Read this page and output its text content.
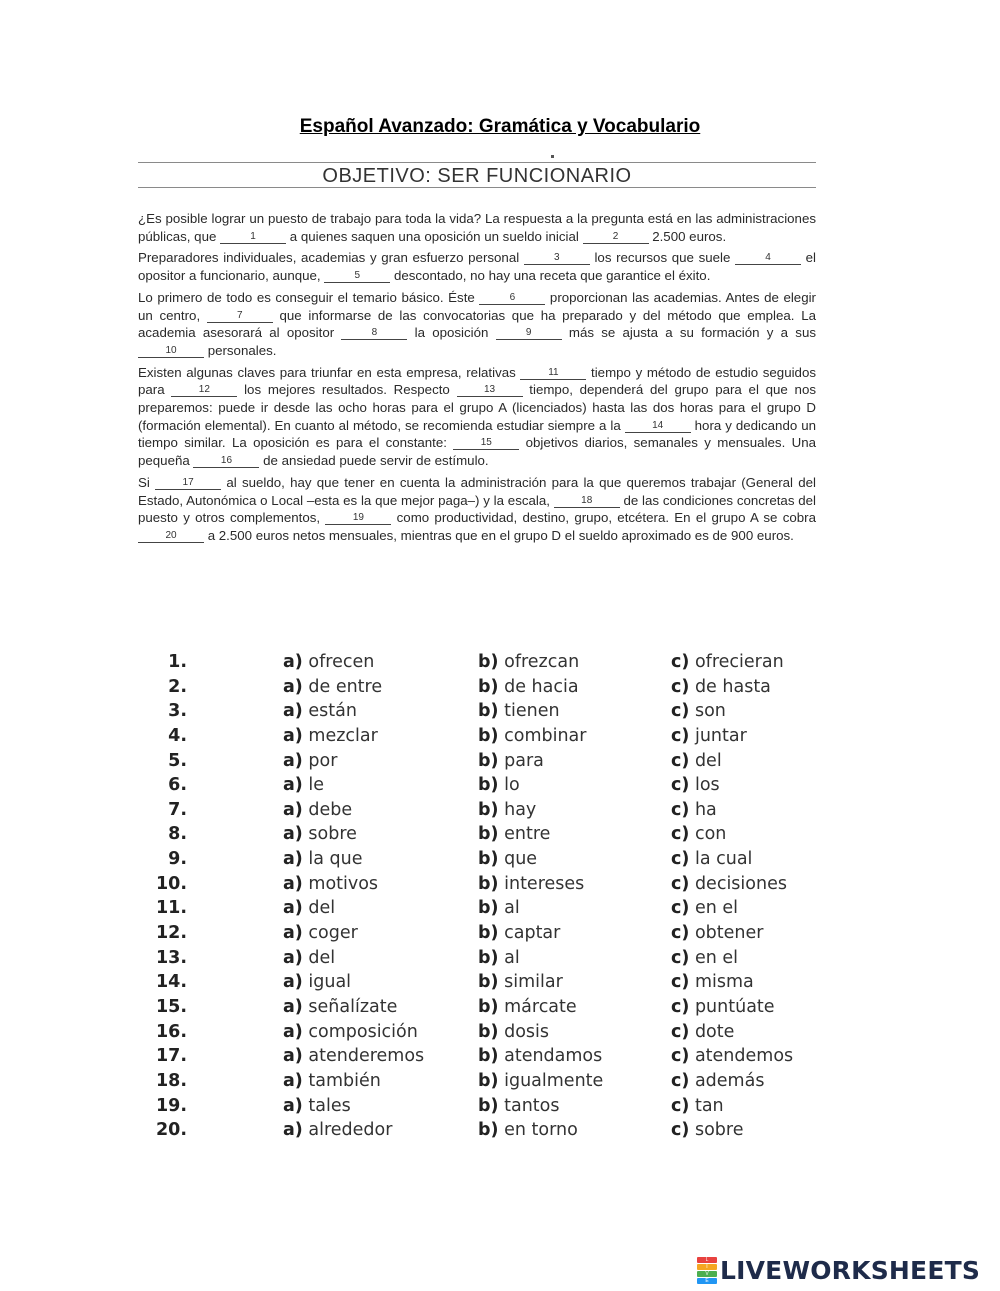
Español Avanzado: Gramática y Vocabulario
OBJETIVO: SER FUNCIONARIO

¿Es posible lograr un puesto de trabajo para toda la vida? La respuesta a la pregunta está en las administraciones públicas, que	1 a quienes saquen una oposición un sueldo inicial	2 2.500 euros.

Preparadores individuales, academias y gran esfuerzo personal	3 los recursos que suele	4 el opositor a funcionario, aunque,	5 descontado, no hay una receta que garantice el éxito.

Lo primero de todo es conseguir el temario básico. Éste	6 proporcionan las academias. Antes de elegir un centro,	7 que informarse de las convocatorias que ha preparado y del método que emplea. La academia asesorará al opositor	8 la oposición	9 más se ajusta a su formación y a sus 10 personales.

Existen algunas claves para triunfar en esta empresa, relativas	11 tiempo y método de estudio seguidos para	12 los mejores resultados. Respecto	13 tiempo, dependerá del grupo para el que nos preparemos: puede ir desde las ocho horas para el grupo A (licenciados) hasta las dos horas para el grupo D (formación elemental). En cuanto al método, se recomienda estudiar siempre a la	14 hora y dedicando un tiempo similar. La oposición es para el constante:	15 objetivos diarios, semanales y mensuales. Una pequeña	16 de ansiedad puede servir de estímulo.

Si	17 al sueldo, hay que tener en cuenta la administración para la que queremos trabajar (General del Estado, Autonómica o Local –esta es la que mejor paga–) y la escala,	18 de las condiciones concretas del puesto y otros complementos,	19 como productividad, destino, grupo, etcétera. En el grupo A se cobra 20 a 2.500 euros netos mensuales, mientras que en el grupo D el sueldo aproximado es de 900 euros.

1.	a) ofrecen	b) ofrezcan	c) ofrecieran
2.	a) de entre	b) de hacia	c) de hasta
3.	a) están	b) tienen	c) son
4.	a) mezclar	b) combinar	c) juntar
5.	a) por	b) para	c) del
6.	a) le	b) lo	c) los
7.	a) debe	b) hay	c) ha
8.	a) sobre	b) entre	c) con
9.	a) la que	b) que	c) la cual
10.	a) motivos	b) intereses	c) decisiones
11.	a) del	b) al	c) en el
12.	a) coger	b) captar	c) obtener
13.	a) del	b) al	c) en el
14.	a) igual	b) similar	c) misma
15.	a) señalízate	b) márcate	c) puntúate
16.	a) composición	b) dosis	c) dote
17.	a) atenderemos	b) atendamos	c) atendemos
18.	a) también	b) igualmente	c) además
19.	a) tales	b) tantos	c) tan
20.	a) alrededor	b) en torno	c) sobre
L
I
V
E LIVEWORKSHEETS
